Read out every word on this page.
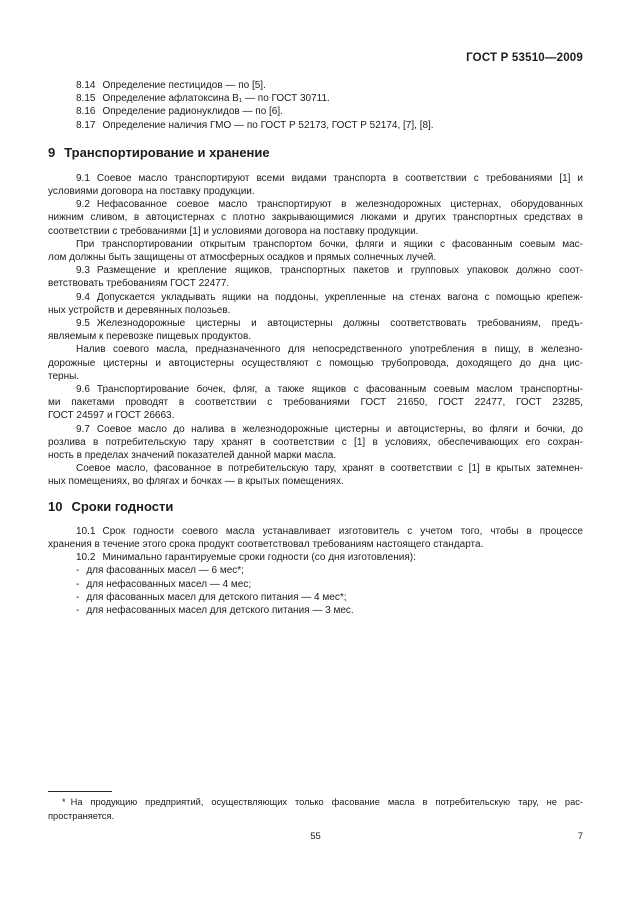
ГОСТ Р 53510—2009
8.14 Определение пестицидов — по [5].
8.15 Определение афлатоксина В₁ — по ГОСТ 30711.
8.16 Определение радионуклидов — по [6].
8.17 Определение наличия ГМО — по ГОСТ Р 52173, ГОСТ Р 52174, [7], [8].
9 Транспортирование и хранение
9.1 Соевое масло транспортируют всеми видами транспорта в соответствии с требованиями [1] и
условиями договора на поставку продукции.
9.2 Нефасованное соевое масло транспортируют в железнодорожных цистернах, оборудованных
нижним сливом, в автоцистернах с плотно закрывающимися люками и других транспортных средствах в
соответствии с требованиями [1] и условиями договора на поставку продукции.
При транспортировании открытым транспортом бочки, фляги и ящики с фасованным соевым мас-
лом должны быть защищены от атмосферных осадков и прямых солнечных лучей.
9.3 Размещение и крепление ящиков, транспортных пакетов и групповых упаковок должно соот-
ветствовать требованиям ГОСТ 22477.
9.4 Допускается укладывать ящики на поддоны, укрепленные на стенах вагона с помощью крепеж-
ных устройств и деревянных полозьев.
9.5 Железнодорожные цистерны и автоцистерны должны соответствовать требованиям, предъ-
являемым к перевозке пищевых продуктов.
Налив соевого масла, предназначенного для непосредственного употребления в пищу, в железно-
дорожные цистерны и автоцистерны осуществляют с помощью трубопровода, доходящего до дна цис-
терны.
9.6 Транспортирование бочек, фляг, а также ящиков с фасованным соевым маслом транспортны-
ми пакетами проводят в соответствии с требованиями ГОСТ 21650, ГОСТ 22477, ГОСТ 23285,
ГОСТ 24597 и ГОСТ 26663.
9.7 Соевое масло до налива в железнодорожные цистерны и автоцистерны, во фляги и бочки, до
розлива в потребительскую тару хранят в соответствии с [1] в условиях, обеспечивающих его сохран-
ность в пределах значений показателей данной марки масла.
Соевое масло, фасованное в потребительскую тару, хранят в соответствии с [1] в крытых затемнен-
ных помещениях, во флягах и бочках — в крытых помещениях.
10 Сроки годности
10.1 Срок годности соевого масла устанавливает изготовитель с учетом того, чтобы в процессе
хранения в течение этого срока продукт соответствовал требованиям настоящего стандарта.
10.2 Минимально гарантируемые сроки годности (со дня изготовления):
- для фасованных масел — 6 мес*;
- для нефасованных масел — 4 мес;
- для фасованных масел для детского питания — 4 мес*;
- для нефасованных масел для детского питания — 3 мес.
* На продукцию предприятий, осуществляющих только фасование масла в потребительскую тару, не рас-
пространяется.
55	7
